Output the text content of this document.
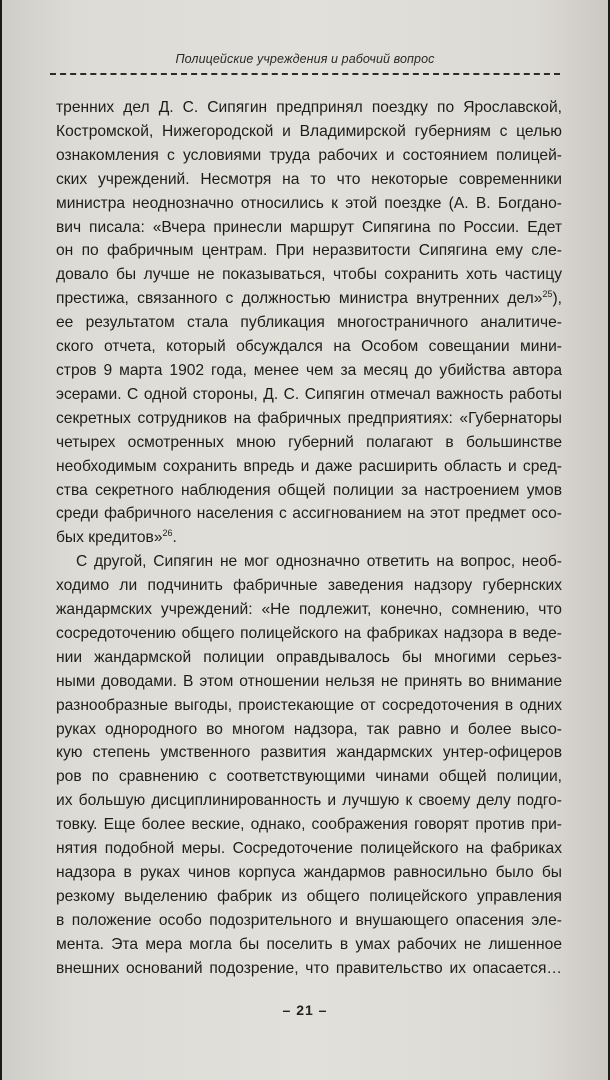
Полицейские учреждения и рабочий вопрос
тренних дел Д. С. Сипягин предпринял поездку по Ярославской,
Костромской, Нижегородской и Владимирской губерниям с целью
ознакомления с условиями труда рабочих и состоянием полицей-
ских учреждений. Несмотря на то что некоторые современники
министра неоднозначно относились к этой поездке (А. В. Богдано-
вич писала: «Вчера принесли маршрут Сипягина по России. Едет
он по фабричным центрам. При неразвитости Сипягина ему сле-
довало бы лучше не показываться, чтобы сохранить хоть частицу
престижа, связанного с должностью министра внутренних дел»$^{25}$),
ее результатом стала публикация многостраничного аналитиче-
ского отчета, который обсуждался на Особом совещании мини-
стров 9 марта 1902 года, менее чем за месяц до убийства автора
эсерами. С одной стороны, Д. С. Сипягин отмечал важность работы
секретных сотрудников на фабричных предприятиях: «Губернаторы
четырех осмотренных мною губерний полагают в большинстве
необходимым сохранить впредь и даже расширить область и сред-
ства секретного наблюдения общей полиции за настроением умов
среди фабричного населения с ассигнованием на этот предмет осо-
бых кредитов»$^{26}$.
С другой, Сипягин не мог однозначно ответить на вопрос, необ-
ходимо ли подчинить фабричные заведения надзору губернских
жандармских учреждений: «Не подлежит, конечно, сомнению, что
сосредоточению общего полицейского на фабриках надзора в веде-
нии жандармской полиции оправдывалось бы многими серьез-
ными доводами. В этом отношении нельзя не принять во внимание
разнообразные выгоды, проистекающие от сосредоточения в одних
руках однородного во многом надзора, так равно и более высо-
кую степень умственного развития жандармских унтер-офицеров
ров по сравнению с соответствующими чинами общей полиции,
их большую дисциплинированность и лучшую к своему делу подго-
товку. Еще более веские, однако, соображения говорят против при-
нятия подобной меры. Сосредоточение полицейского на фабриках
надзора в руках чинов корпуса жандармов равносильно было бы
резкому выделению фабрик из общего полицейского управления
в положение особо подозрительного и внушающего опасения эле-
мента. Эта мера могла бы поселить в умах рабочих не лишенное
внешних оснований подозрение, что правительство их опасается…
– 21 –
